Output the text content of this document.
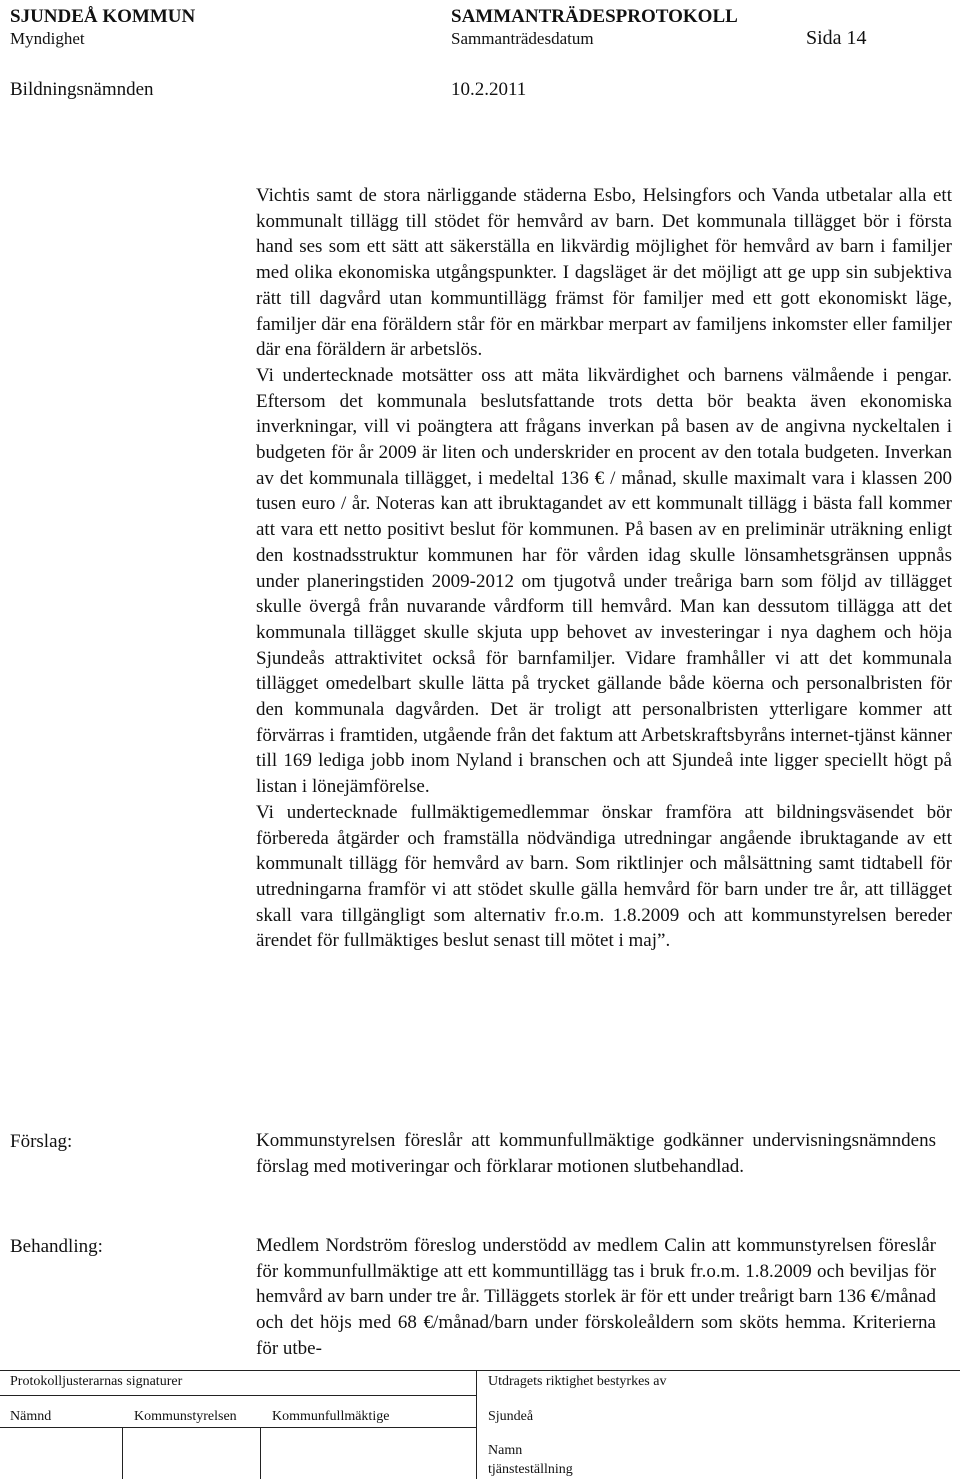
SJUNDEÅ KOMMUN	SAMMANTRÄDESPROTOKOLL
Myndighet	Sammanträdesdatum	Sida 14
Bildningsnämnden	10.2.2011

Vichtis samt de stora närliggande städerna Esbo, Helsingfors och Vanda utbetalar alla ett kommunalt tillägg till stödet för hemvård av barn. Det kommunala tillägget bör i första hand ses som ett sätt att säkerställa en likvärdig möjlighet för hemvård av barn i familjer med olika ekonomiska utgångspunkter. I dagsläget är det möjligt att ge upp sin subjektiva rätt till dagvård utan kommuntillägg främst för familjer med ett gott ekonomiskt läge, familjer där ena föräldern står för en märkbar merpart av familjens inkomster eller familjer där ena föräldern är arbetslös.

Vi undertecknade motsätter oss att mäta likvärdighet och barnens välmående i pengar. Eftersom det kommunala beslutsfattande trots detta bör beakta även ekonomiska inverkningar, vill vi poängtera att frågans inverkan på basen av de angivna nyckeltalen i budgeten för år 2009 är liten och underskrider en procent av den totala budgeten. Inverkan av det kommunala tillägget, i medeltal 136 € / månad, skulle maximalt vara i klassen 200 tusen euro / år. Noteras kan att ibruktagandet av ett kommunalt tillägg i bästa fall kommer att vara ett netto positivt beslut för kommunen. På basen av en preliminär uträkning enligt den kostnadsstruktur kommunen har för vården idag skulle lönsamhetsgränsen uppnås under planeringstiden 2009-2012 om tjugotvå under treåriga barn som följd av tillägget skulle övergå från nuvarande vårdform till hemvård. Man kan dessutom tillägga att det kommunala tillägget skulle skjuta upp behovet av investeringar i nya daghem och höja Sjundeås attraktivitet också för barnfamiljer. Vidare framhåller vi att det kommunala tillägget omedelbart skulle lätta på trycket gällande både köerna och personalbristen för den kommunala dagvården. Det är troligt att personalbristen ytterligare kommer att förvärras i framtiden, utgående från det faktum att Arbetskraftsbyråns internet-tjänst känner till 169 lediga jobb inom Nyland i branschen och att Sjundeå inte ligger speciellt högt på listan i lönejämförelse.

Vi undertecknade fullmäktigemedlemmar önskar framföra att bildningsväsendet bör förbereda åtgärder och framställa nödvändiga utredningar angående ibruktagande av ett kommunalt tillägg för hemvård av barn. Som riktlinjer och målsättning samt tidtabell för utredningarna framför vi att stödet skulle gälla hemvård för barn under tre år, att tillägget skall vara tillgängligt som alternativ fr.o.m. 1.8.2009 och att kommunstyrelsen bereder ärendet för fullmäktiges beslut senast till mötet i maj”.

Förslag:	Kommunstyrelsen föreslår att kommunfullmäktige godkänner undervisningsnämndens förslag med motiveringar och förklarar motionen slutbehandlad.
Behandling:	Medlem Nordström föreslog understödd av medlem Calin att kommunstyrelsen föreslår för kommunfullmäktige att ett kommuntillägg tas i bruk fr.o.m. 1.8.2009 och beviljas för hemvård av barn under tre år. Tilläggets storlek är för ett under treårigt barn 136 €/månad och det höjs med 68 €/månad/barn under förskoleåldern som sköts hemma. Kriterierna för utbe-
Protokolljusterarnas signaturer	Utdragets riktighet bestyrkes av
Nämnd	Kommunstyrelsen	Kommunfullmäktige	Sjundeå
Namn
tjänsteställning
